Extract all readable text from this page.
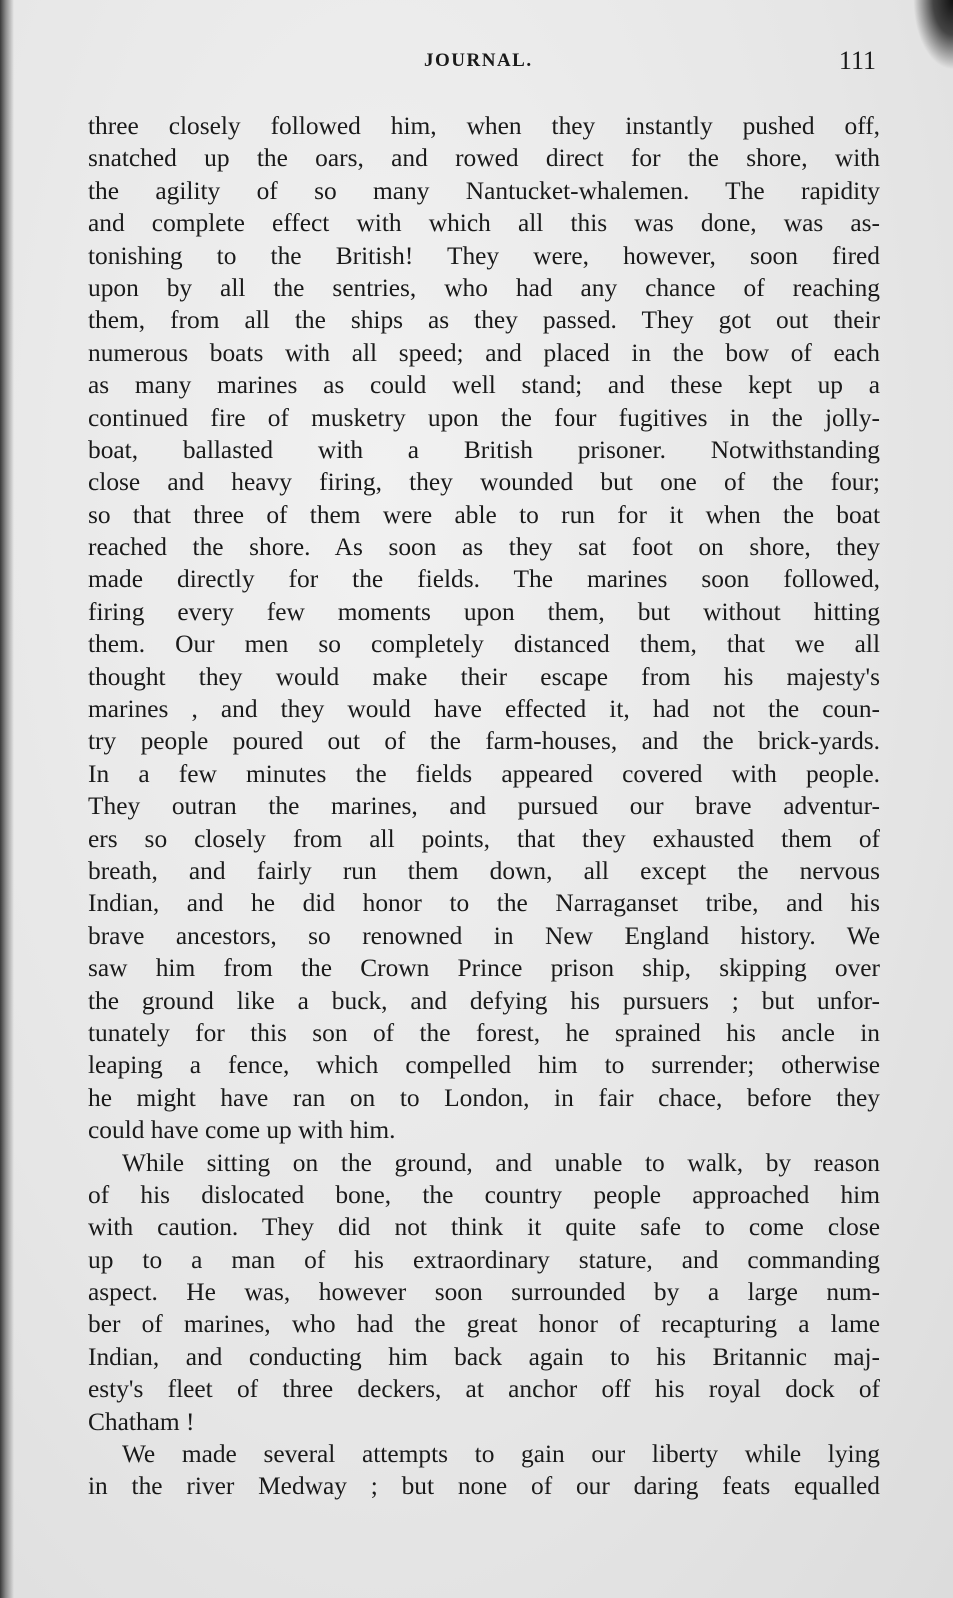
JOURNAL.	111
three closely followed him, when they instantly pushed off,
snatched up the oars, and rowed direct for the shore, with
the agility of so many Nantucket-whalemen. The rapidity
and complete effect with which all this was done, was as-
tonishing to the British! They were, however, soon fired
upon by all the sentries, who had any chance of reaching
them, from all the ships as they passed. They got out their
numerous boats with all speed; and placed in the bow of each
as many marines as could well stand; and these kept up a
continued fire of musketry upon the four fugitives in the jolly-
boat, ballasted with a British prisoner. Notwithstanding
close and heavy firing, they wounded but one of the four;
so that three of them were able to run for it when the boat
reached the shore. As soon as they sat foot on shore, they
made directly for the fields. The marines soon followed,
firing every few moments upon them, but without hitting
them. Our men so completely distanced them, that we all
thought they would make their escape from his majesty's
marines , and they would have effected it, had not the coun-
try people poured out of the farm-houses, and the brick-yards.
In a few minutes the fields appeared covered with people.
They outran the marines, and pursued our brave adventur-
ers so closely from all points, that they exhausted them of
breath, and fairly run them down, all except the nervous
Indian, and he did honor to the Narraganset tribe, and his
brave ancestors, so renowned in New England history. We
saw him from the Crown Prince prison ship, skipping over
the ground like a buck, and defying his pursuers ; but unfor-
tunately for this son of the forest, he sprained his ancle in
leaping a fence, which compelled him to surrender; otherwise
he might have ran on to London, in fair chace, before they
could have come up with him.
While sitting on the ground, and unable to walk, by reason
of his dislocated bone, the country people approached him
with caution. They did not think it quite safe to come close
up to a man of his extraordinary stature, and commanding
aspect. He was, however soon surrounded by a large num-
ber of marines, who had the great honor of recapturing a lame
Indian, and conducting him back again to his Britannic maj-
esty's fleet of three deckers, at anchor off his royal dock of
Chatham !
We made several attempts to gain our liberty while lying
in the river Medway ; but none of our daring feats equalled
